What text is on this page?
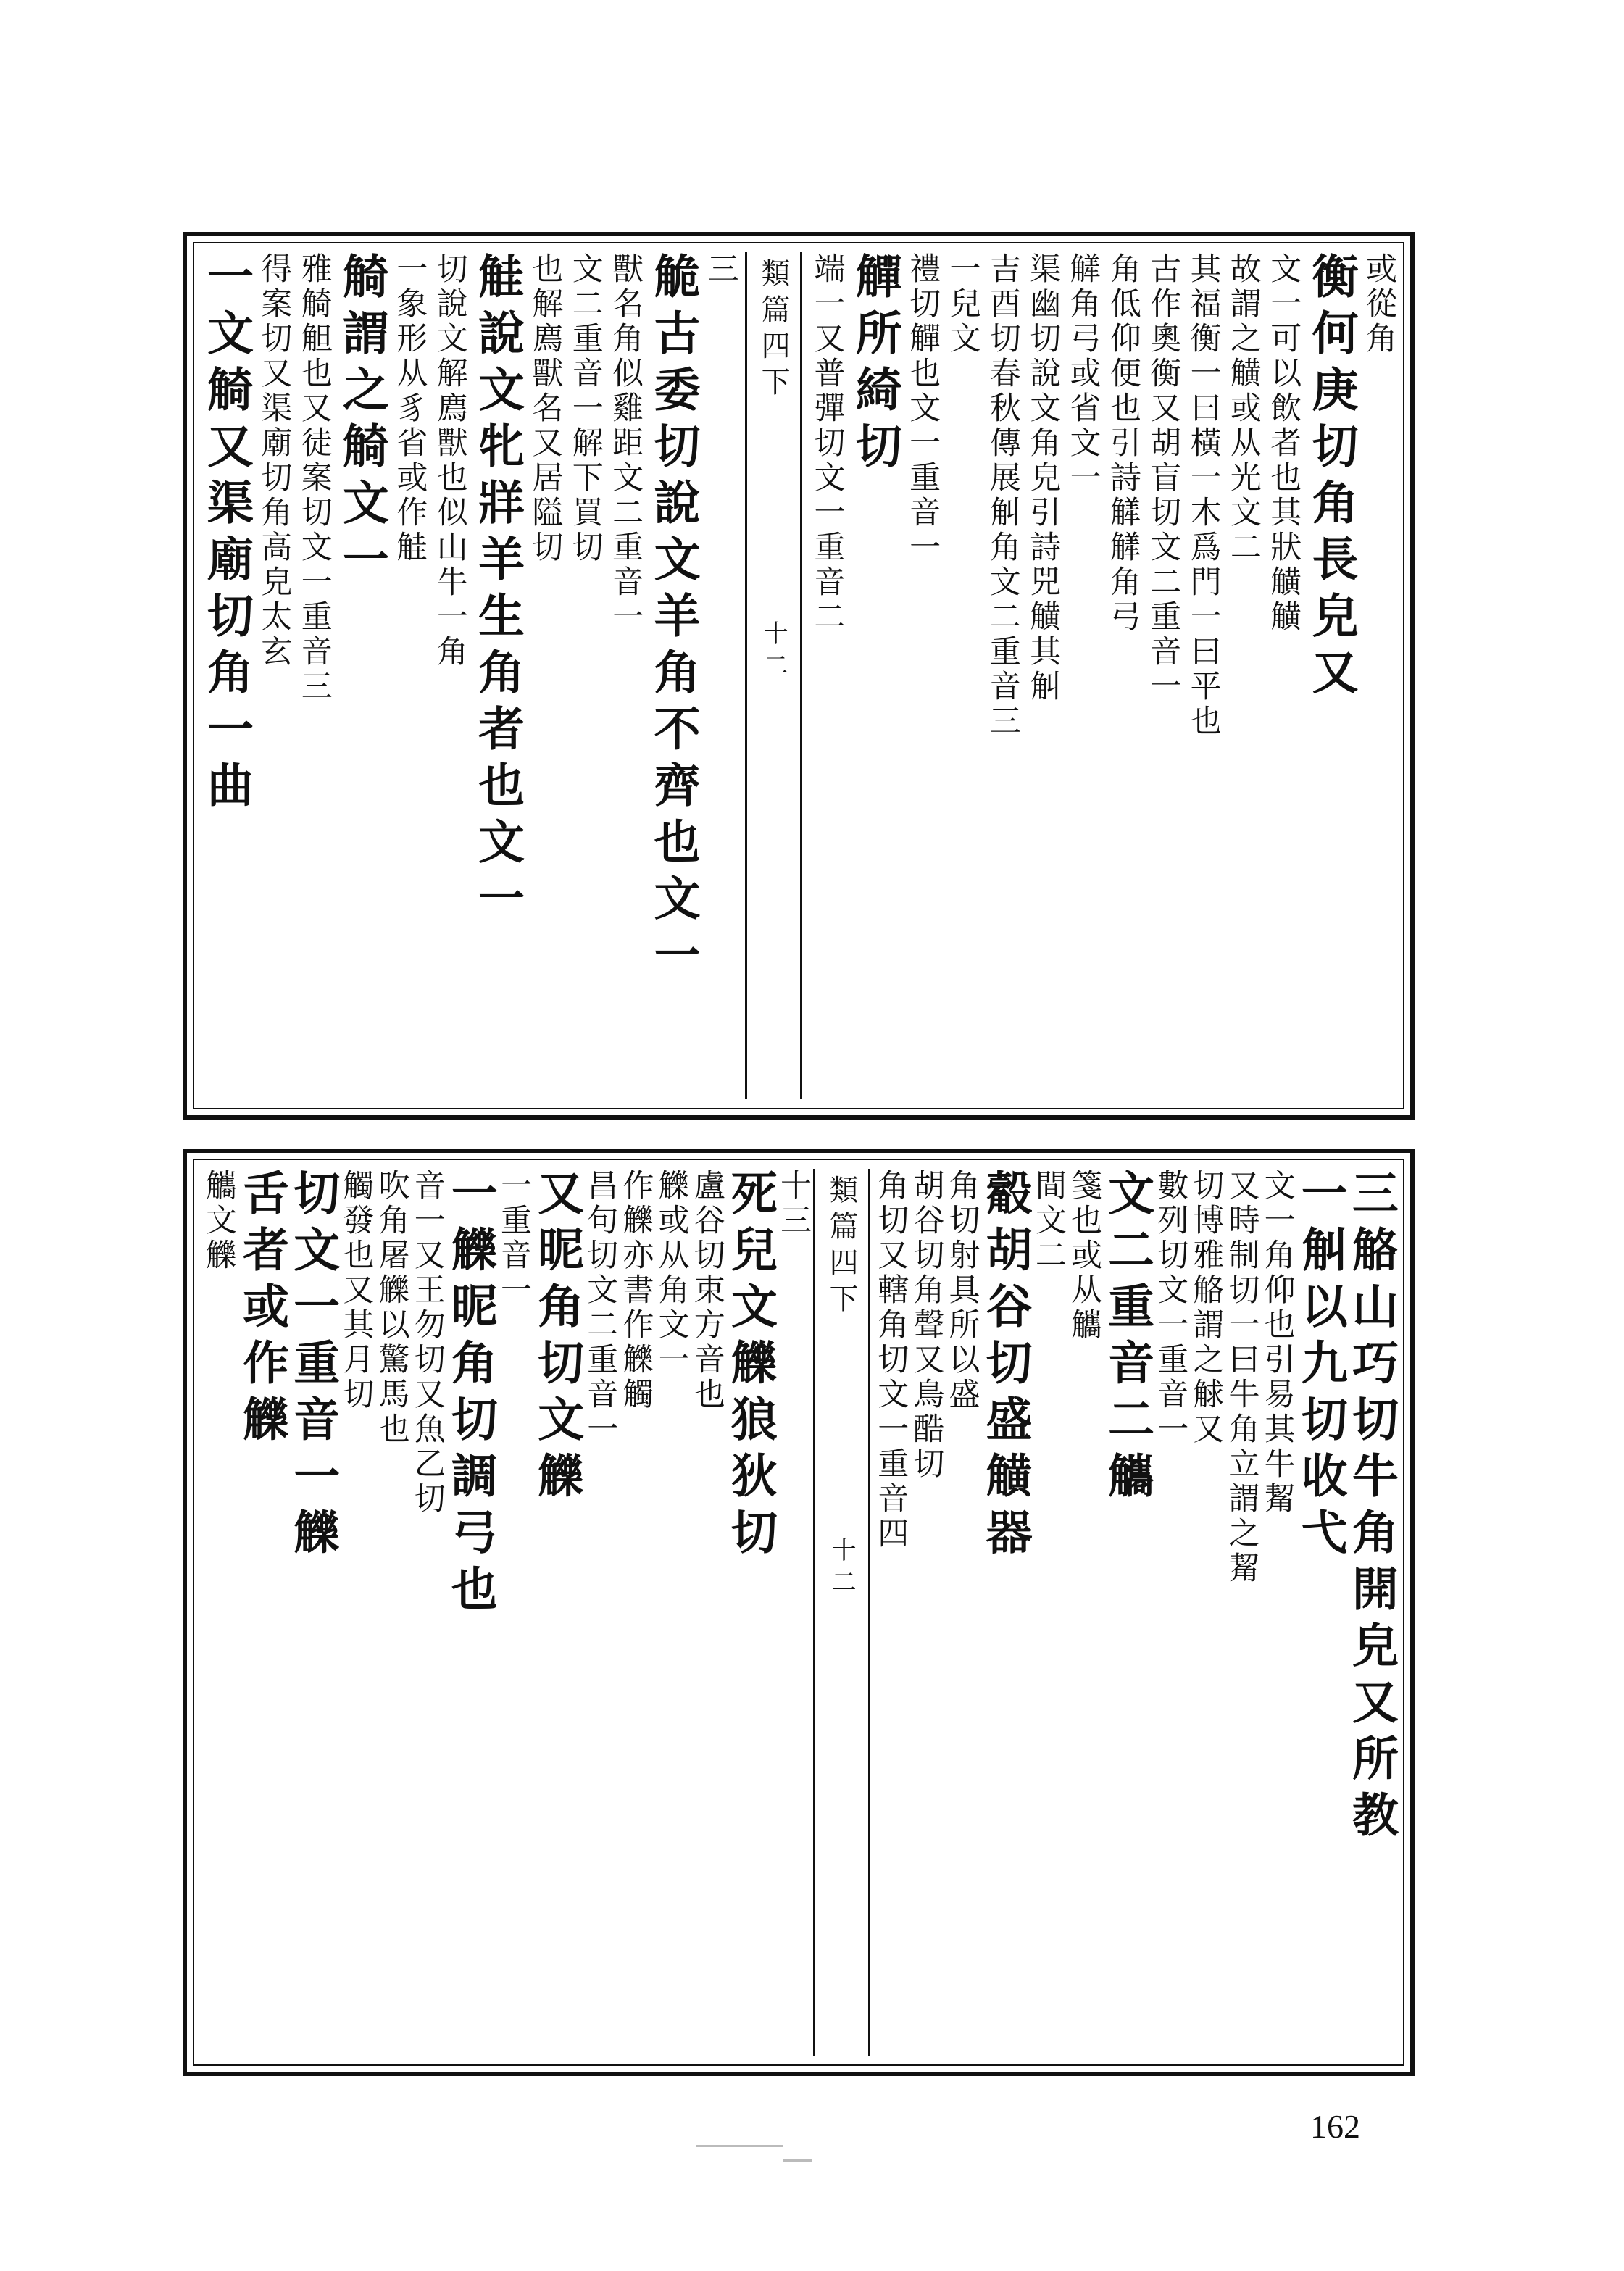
或從角
衡何庚切角長皃又
文一可以飲者也其狀觵觵
故謂之觵或从光文二
其福衡一曰橫一木爲門一曰平也
古作奧衡又胡盲切文二重音一
角低仰便也引詩觲觲角弓
觲角弓或省文一
渠幽切說文角皃引詩兕觵其觓
吉酉切春秋傳展觓角文二重音三
一兒文
禮切觶也文一重音一
觶所綺切
端一又普彈切文一重音二
類篇四下
十二
三
觤古委切說文羊角不齊也文一
獸名角似雞距文二重音一
文二重音一解下買切
也解廌獸名又居隘切
觟說文牝牂羊生角者也文一
切說文解廌獸也似山牛一角
一象形从豸省或作觟
觭謂之觭文一
雅觭觛也又徒案切文一重音三
得案切又渠廟切角高皃太玄
一文觭又渠廟切角一曲
三觡山巧切牛角開皃又所教
一觓以九切收弋
文一角仰也引易其牛觢
又時制切一曰牛角立謂之觢
切博雅觡謂之觩又
數列切文一重音一
文二重音二觿
箋也或从觿
間文二
觳胡谷切盛觵器
角切射具所以盛
胡谷切角聲又鳥酷切
角切又轄角切文一重音四
類篇四下
十二
十三
死兒文觻狼狄切
盧谷切束方音也
觻或从角文一
作觻亦書作觻觸
昌句切文二重音一
又昵角切文觻
一重音一
一觻昵角切調弓也
音一又王勿切又魚乙切
吹角屠觻以驚馬也
觸發也又其月切
切文一重音一觻
舌者或作觻
觿文觻
162
